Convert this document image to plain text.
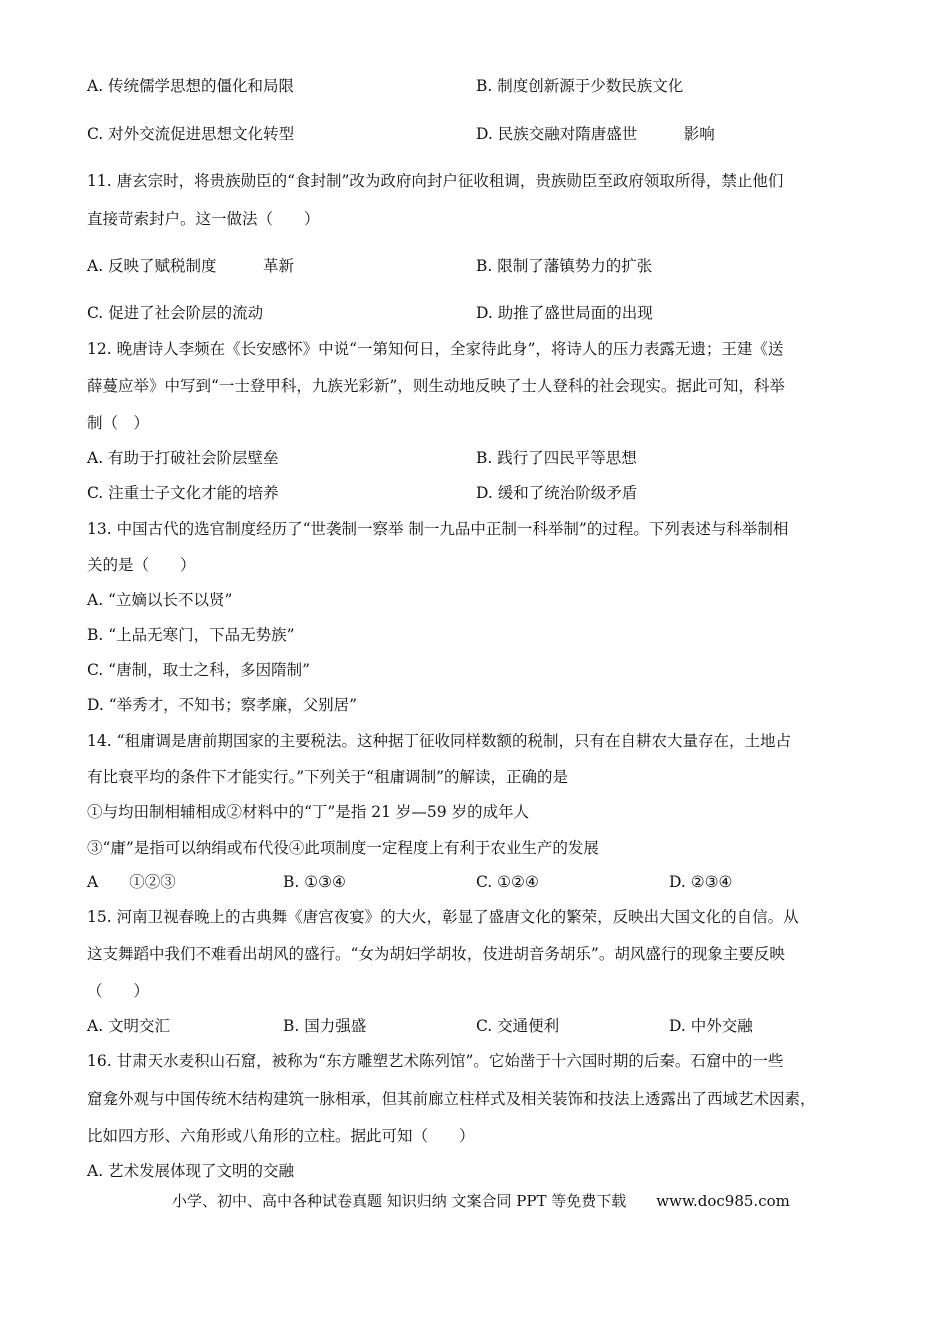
A. 传统儒学思想的僵化和局限	B. 制度创新源于少数民族文化
C. 对外交流促进思想文化转型	D. 民族交融对隋唐盛世　　　影响
11. 唐玄宗时，将贵族勋臣的“食封制”改为政府向封户征收租调，贵族勋臣至政府领取所得，禁止他们
直接苛索封户。这一做法（　　）
A. 反映了赋税制度　　　革新	B. 限制了藩镇势力的扩张
C. 促进了社会阶层的流动	D. 助推了盛世局面的出现
12. 晚唐诗人李频在《长安感怀》中说“一第知何日，全家待此身”，将诗人的压力表露无遗；王建《送
薛蔓应举》中写到“一士登甲科，九族光彩新”，则生动地反映了士人登科的社会现实。据此可知，科举
制（　）
A. 有助于打破社会阶层壁垒	B. 践行了四民平等思想
C. 注重士子文化才能的培养	D. 缓和了统治阶级矛盾
13. 中国古代的选官制度经历了“世袭制一察举 制一九品中正制一科举制”的过程。下列表述与科举制相
关的是（　　）
A. “立嫡以长不以贤”
B. “上品无寒门，下品无势族”
C. “唐制，取士之科，多因隋制”
D. “举秀才，不知书；察孝廉，父别居”
14. “租庸调是唐前期国家的主要税法。这种据丁征收同样数额的税制，只有在自耕农大量存在，土地占
有比衰平均的条件下才能实行。”下列关于“租庸调制”的解读，正确的是
①与均田制相辅相成②材料中的“丁”是指 21 岁—59 岁的成年人
③“庸”是指可以纳绢或布代役④此项制度一定程度上有利于农业生产的发展
A　　①②③	B. ①③④	C. ①②④	D. ②③④
15. 河南卫视春晚上的古典舞《唐宫夜宴》的大火，彰显了盛唐文化的繁荣，反映出大国文化的自信。从
这支舞蹈中我们不难看出胡风的盛行。“女为胡妇学胡妆，伎进胡音务胡乐”。胡风盛行的现象主要反映
（　　）
A. 文明交汇	B. 国力强盛	C. 交通便利	D. 中外交融
16. 甘肃天水麦积山石窟，被称为“东方雕塑艺术陈列馆”。它始凿于十六国时期的后秦。石窟中的一些
窟龛外观与中国传统木结构建筑一脉相承，但其前廊立柱样式及相关装饰和技法上透露出了西域艺术因素，
比如四方形、六角形或八角形的立柱。据此可知（　　）
A. 艺术发展体现了文明的交融
小学、初中、高中各种试卷真题 知识归纳 文案合同 PPT 等免费下载　　www.doc985.com
